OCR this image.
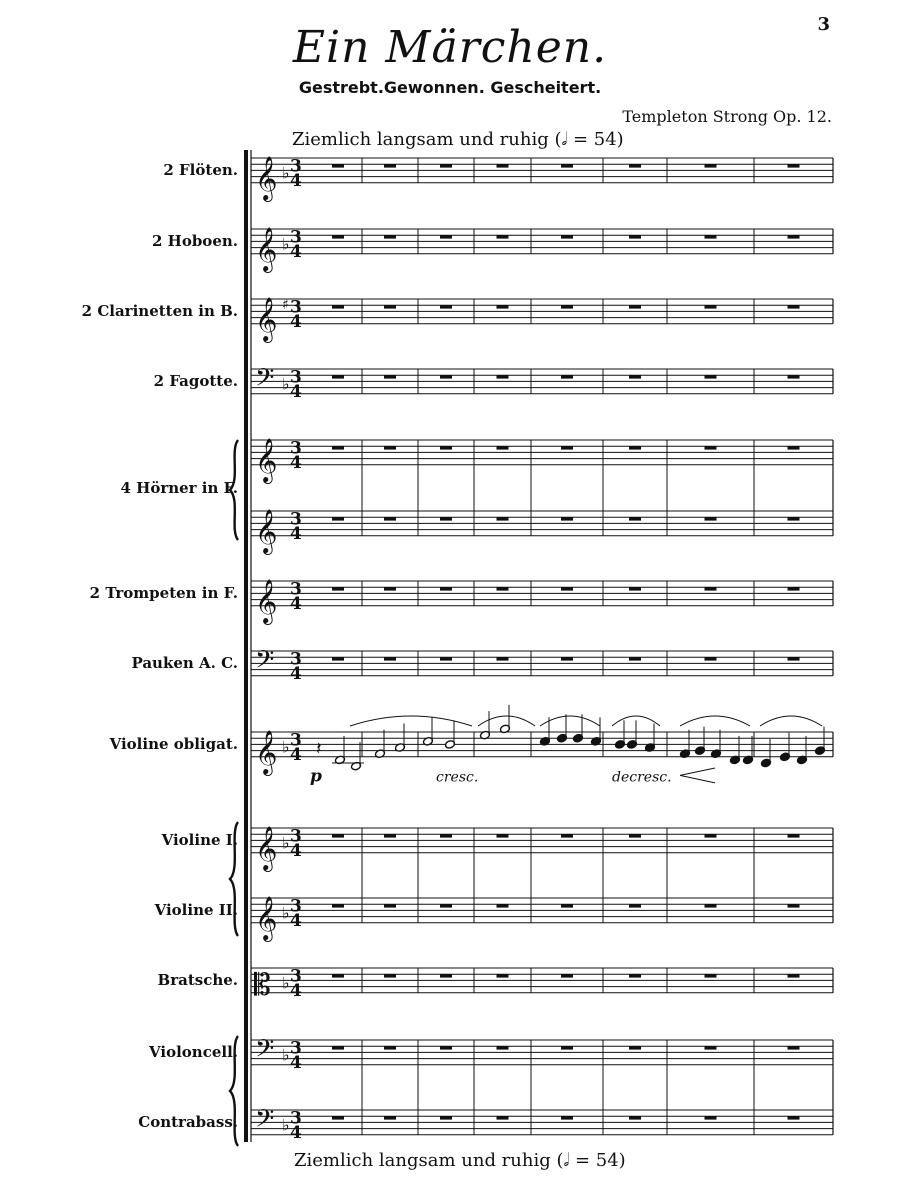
3
Ein Märchen.
Gestrebt.Gewonnen. Gescheitert.
Templeton Strong Op. 12.
Ziemlich langsam und ruhig (𝅗𝅥 = 54)
2 Flöten.
2 Hoboen.
2 Clarinetten in B.
2 Fagotte.
4 Hörner in F.
2 Trompeten in F.
Pauken A. C.
Violine obligat.
Violine I.
Violine II.
Bratsche.
Violoncell.
Contrabass.
𝄞 ♭ 3
4
𝄞 ♭ 3
4
𝄞 ♯ 3
4
𝄢 ♭ 3
4
𝄞 3
4
𝄞 3
4
𝄞 3
4
𝄢 3
4
𝄞 ♭ 3
4
𝄞 ♭ 3
4
𝄞 ♭ 3
4
𝄡 ♭ 3
4
𝄢 ♭ 3
4
𝄢 ♭ 3
4
𝄽
p	cresc.	decresc.
Ziemlich langsam und ruhig (𝅗𝅥 = 54)
